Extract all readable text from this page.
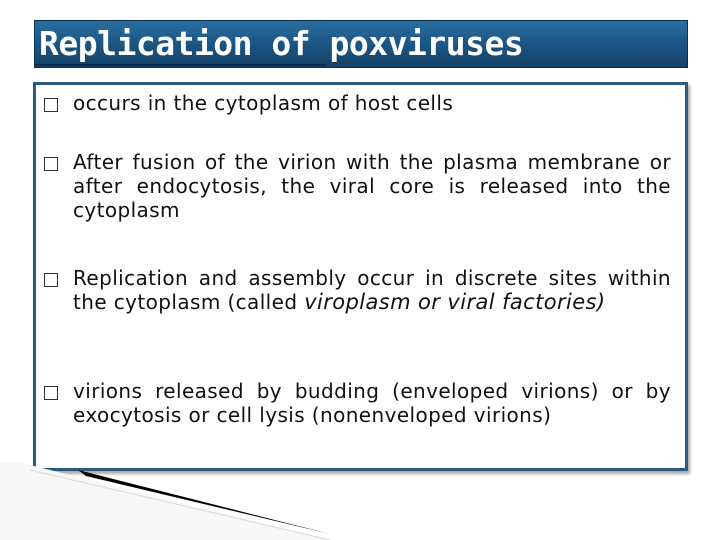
Replication of poxviruses
occurs in the cytoplasm of host cells
After fusion of the virion with the plasma membrane or after endocytosis, the viral core is released into the cytoplasm
Replication and assembly occur in discrete sites within the cytoplasm (called viroplasm or viral factories)
virions released by budding (enveloped virions) or by exocytosis or cell lysis (nonenveloped virions)
